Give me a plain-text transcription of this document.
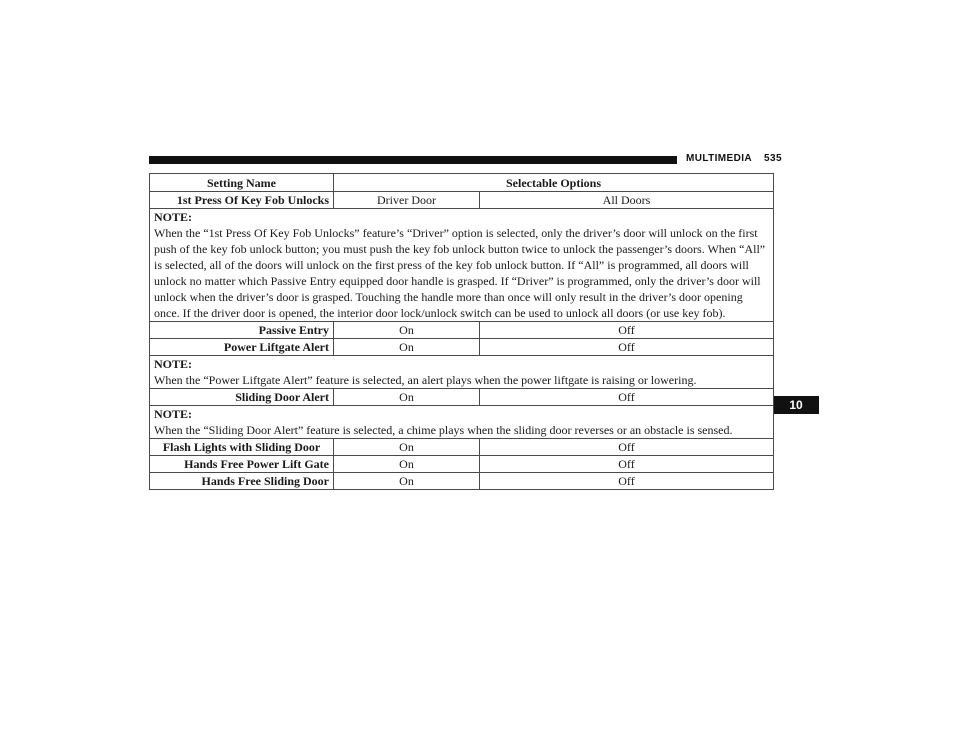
MULTIMEDIA 535
10
Setting Name	Selectable Options	
1st Press Of Key Fob Unlocks	Driver Door	All Doors

NOTE:
When the “1st Press Of Key Fob Unlocks” feature’s “Driver” option is selected, only the driver’s door will unlock on the first push of the key fob unlock button; you must push the key fob unlock button twice to unlock the passenger’s doors. When “All” is selected, all of the doors will unlock on the first press of the key fob unlock button. If “All” is programmed, all doors will unlock no matter which Passive Entry equipped door handle is grasped. If “Driver” is programmed, only the driver’s door will unlock when the driver’s door is grasped. Touching the handle more than once will only result in the driver’s door opening once. If the driver door is opened, the interior door lock/unlock switch can be used to unlock all doors (or use key fob).		
Passive Entry	On	Off
Power Liftgate Alert	On	Off

NOTE:
When the “Power Liftgate Alert” feature is selected, an alert plays when the power liftgate is raising or lowering.		
Sliding Door Alert	On	Off

NOTE:
When the “Sliding Door Alert” feature is selected, a chime plays when the sliding door reverses or an obstacle is sensed.		
Flash Lights with Sliding Door	On	Off
Hands Free Power Lift Gate	On	Off
Hands Free Sliding Door	On	Off
